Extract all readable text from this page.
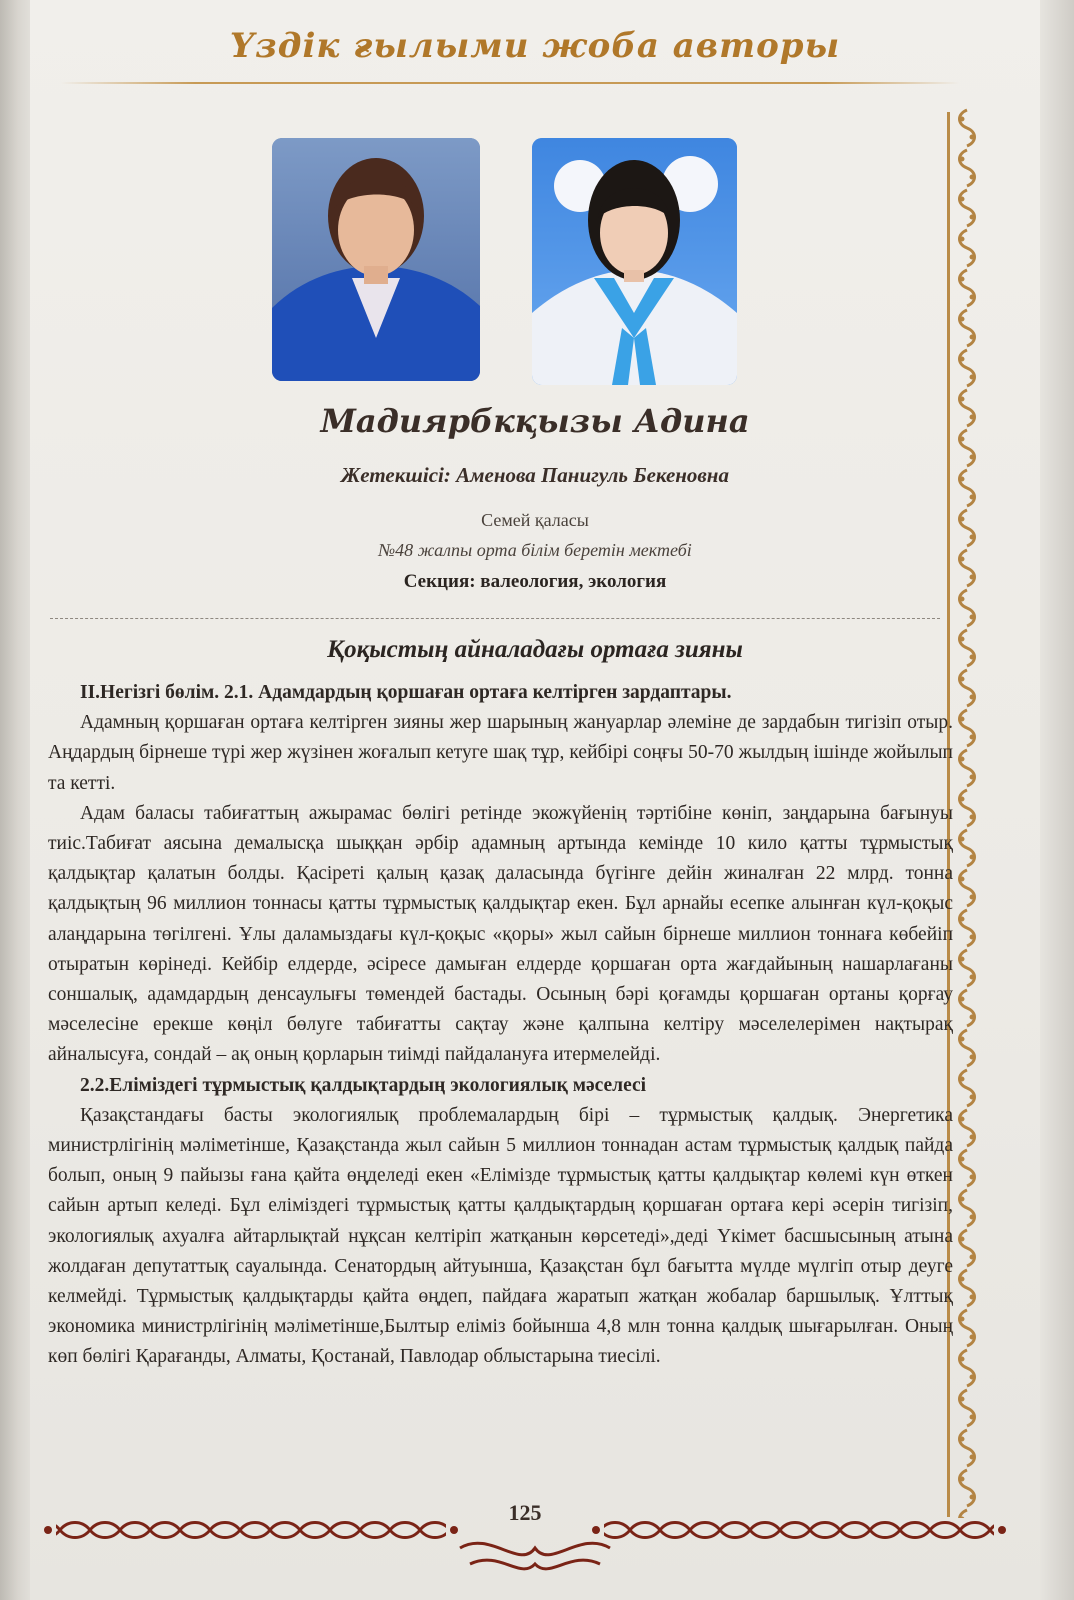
Үздік ғылыми жоба авторы
Мадиярбкқызы Адина
Жетекшісі: Аменова Панигуль Бекеновна
Семей қаласы
№48 жалпы орта білім беретін мектебі
Секция: валеология, экология
Қоқыстың айналадағы ортаға зияны
II.Негізгі бөлім. 2.1. Адамдардың қоршаған ортаға келтірген зардаптары.

Адамның қоршаған ортаға келтірген зияны жер шарының жануарлар әлеміне де зардабын тигізіп отыр. Аңдардың бірнеше түрі жер жүзінен жоғалып кетуге шақ тұр, кейбірі соңғы 50-70 жылдың ішінде жойылып та кетті.

Адам баласы табиғаттың ажырамас бөлігі ретінде экожүйенің тәртібіне көніп, заңдарына бағынуы тиіс.Табиғат аясына демалысқа шыққан әрбір адамның артында кемінде 10 кило қатты тұрмыстық қалдықтар қалатын болды. Қасіреті қалың қазақ даласында бүгінге дейін жиналған 22 млрд. тонна қалдықтың 96 миллион тоннасы қатты тұрмыстық қалдықтар екен. Бұл арнайы есепке алынған күл-қоқыс алаңдарына төгілгені. Ұлы даламыздағы күл-қоқыс «қоры» жыл сайын бірнеше миллион тоннаға көбейіп отыратын көрінеді. Кейбір елдерде, әсіресе дамыған елдерде қоршаған орта жағдайының нашарлағаны соншалық, адамдардың денсаулығы төмендей бастады. Осының бәрі қоғамды қоршаған ортаны қорғау мәселесіне ерекше көңіл бөлуге табиғатты сақтау және қалпына келтіру мәселелерімен нақтырақ айналысуға, сондай – ақ оның қорларын тиімді пайдалануға итермелейді.

2.2.Еліміздегі тұрмыстық қалдықтардың экологиялық мәселесі

Қазақстандағы басты экологиялық проблемалардың бірі – тұрмыстық қалдық. Энергетика министрлігінің мәліметінше, Қазақстанда жыл сайын 5 миллион тоннадан астам тұрмыстық қалдық пайда болып, оның 9 пайызы ғана қайта өңделеді екен «Елімізде тұрмыстық қатты қалдықтар көлемі күн өткен сайын артып келеді. Бұл еліміздегі тұрмыстық қатты қалдықтардың қоршаған ортаға кері әсерін тигізіп, экологиялық ахуалға айтарлықтай нұқсан келтіріп жатқанын көрсетеді»,деді Үкімет басшысының атына жолдаған депутаттық сауалында. Сенатордың айтуынша, Қазақстан бұл бағытта мүлде мүлгіп отыр деуге келмейді. Тұрмыстық қалдықтарды қайта өңдеп, пайдаға жаратып жатқан жобалар баршылық. Ұлттық экономика министрлігінің мәліметінше,Былтыр еліміз бойынша 4,8 млн тонна қалдық шығарылған. Оның көп бөлігі Қарағанды, Алматы, Қостанай, Павлодар облыстарына тиесілі.

125
